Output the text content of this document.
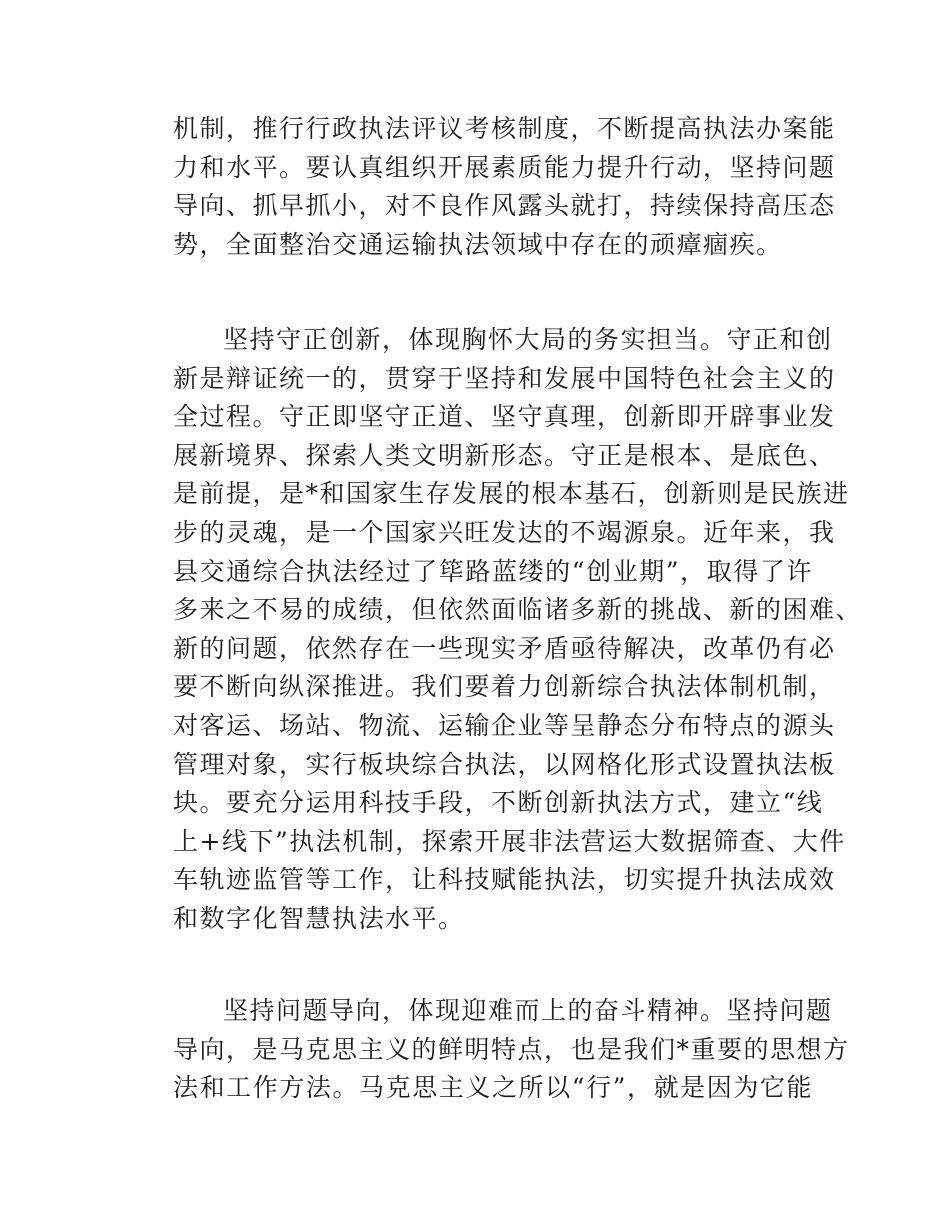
机制，推行行政执法评议考核制度，不断提高执法办案能
力和水平。要认真组织开展素质能力提升行动，坚持问题
导向、抓早抓小，对不良作风露头就打，持续保持高压态
势，全面整治交通运输执法领域中存在的顽瘴痼疾。
坚持守正创新，体现胸怀大局的务实担当。守正和创
新是辩证统一的，贯穿于坚持和发展中国特色社会主义的
全过程。守正即坚守正道、坚守真理，创新即开辟事业发
展新境界、探索人类文明新形态。守正是根本、是底色、
是前提，是*和国家生存发展的根本基石，创新则是民族进
步的灵魂，是一个国家兴旺发达的不竭源泉。近年来，我
县交通综合执法经过了筚路蓝缕的“创业期”，取得了许
多来之不易的成绩，但依然面临诸多新的挑战、新的困难、
新的问题，依然存在一些现实矛盾亟待解决，改革仍有必
要不断向纵深推进。我们要着力创新综合执法体制机制，
对客运、场站、物流、运输企业等呈静态分布特点的源头
管理对象，实行板块综合执法，以网格化形式设置执法板
块。要充分运用科技手段，不断创新执法方式，建立“线
上+线下”执法机制，探索开展非法营运大数据筛查、大件
车轨迹监管等工作，让科技赋能执法，切实提升执法成效
和数字化智慧执法水平。
坚持问题导向，体现迎难而上的奋斗精神。坚持问题
导向，是马克思主义的鲜明特点，也是我们*重要的思想方
法和工作方法。马克思主义之所以“行”，就是因为它能
